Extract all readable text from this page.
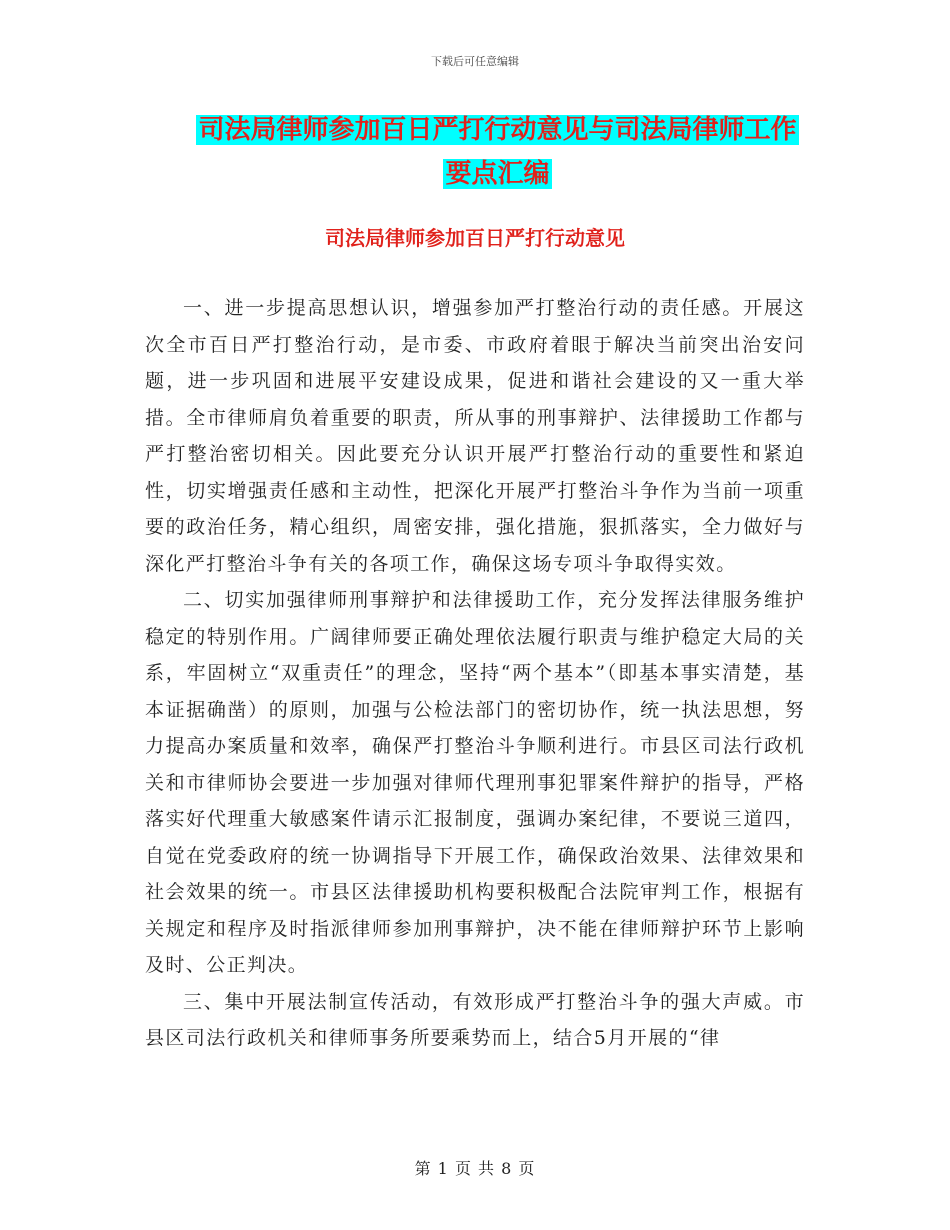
下载后可任意编辑
司法局律师参加百日严打行动意见与司法局律师工作
要点汇编
司法局律师参加百日严打行动意见

一、进一步提高思想认识，增强参加严打整治行动的责任感。开展这次全市百日严打整治行动，是市委、市政府着眼于解决当前突出治安问题，进一步巩固和进展平安建设成果，促进和谐社会建设的又一重大举措。全市律师肩负着重要的职责，所从事的刑事辩护、法律援助工作都与严打整治密切相关。因此要充分认识开展严打整治行动的重要性和紧迫性，切实增强责任感和主动性，把深化开展严打整治斗争作为当前一项重要的政治任务，精心组织，周密安排，强化措施，狠抓落实，全力做好与深化严打整治斗争有关的各项工作，确保这场专项斗争取得实效。

二、切实加强律师刑事辩护和法律援助工作，充分发挥法律服务维护稳定的特别作用。广阔律师要正确处理依法履行职责与维护稳定大局的关系，牢固树立“双重责任”的理念，坚持“两个基本”（即基本事实清楚，基本证据确凿）的原则，加强与公检法部门的密切协作，统一执法思想，努力提高办案质量和效率，确保严打整治斗争顺利进行。市县区司法行政机关和市律师协会要进一步加强对律师代理刑事犯罪案件辩护的指导，严格落实好代理重大敏感案件请示汇报制度，强调办案纪律，不要说三道四，自觉在党委政府的统一协调指导下开展工作，确保政治效果、法律效果和社会效果的统一。市县区法律援助机构要积极配合法院审判工作，根据有关规定和程序及时指派律师参加刑事辩护，决不能在律师辩护环节上影响及时、公正判决。

三、集中开展法制宣传活动，有效形成严打整治斗争的强大声威。市县区司法行政机关和律师事务所要乘势而上，结合5月开展的“律

第 1 页 共 8 页
